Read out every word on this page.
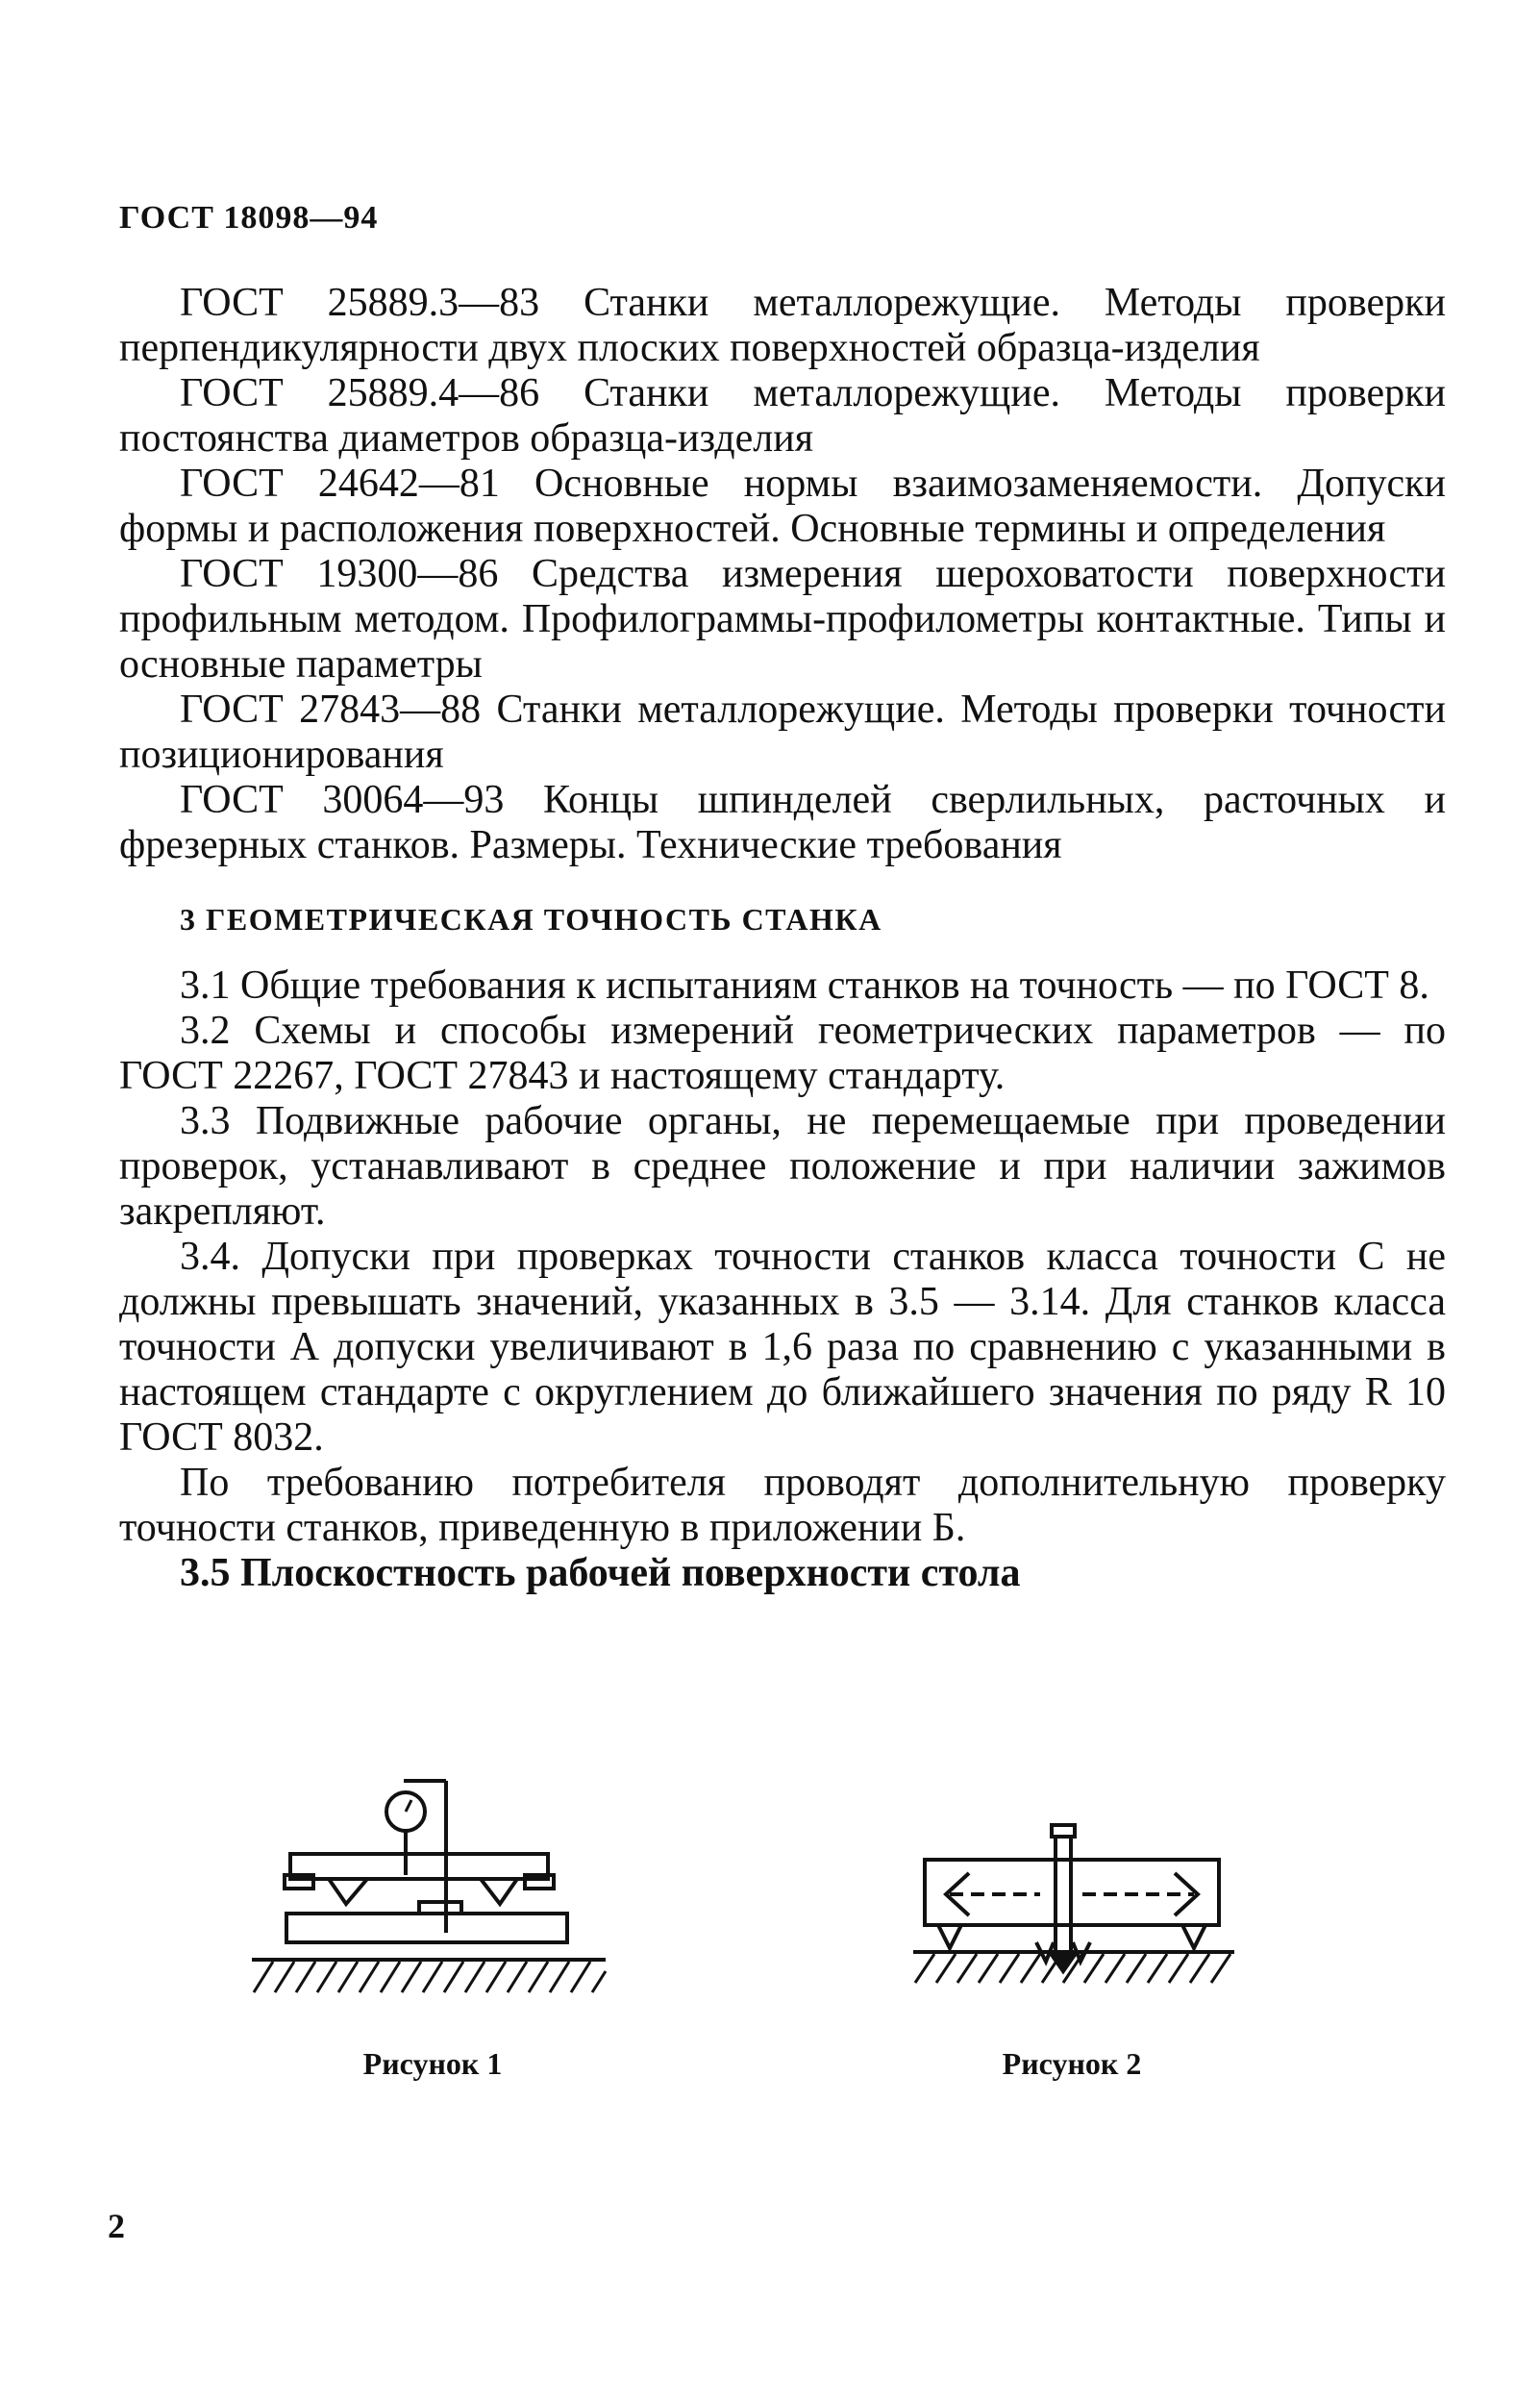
ГОСТ 18098—94

ГОСТ 25889.3—83 Станки металлорежущие. Методы проверки перпендикулярности двух плоских поверхностей образца-изделия

ГОСТ 25889.4—86 Станки металлорежущие. Методы проверки постоянства диаметров образца-изделия

ГОСТ 24642—81 Основные нормы взаимозаменяемости. Допуски формы и расположения поверхностей. Основные термины и определения

ГОСТ 19300—86 Средства измерения шероховатости поверхности профильным методом. Профилограммы-профилометры контактные. Типы и основные параметры

ГОСТ 27843—88 Станки металлорежущие. Методы проверки точности позиционирования

ГОСТ 30064—93 Концы шпинделей сверлильных, расточных и фрезерных станков. Размеры. Технические требования

3 ГЕОМЕТРИЧЕСКАЯ ТОЧНОСТЬ СТАНКА

3.1 Общие требования к испытаниям станков на точность — по ГОСТ 8.

3.2 Схемы и способы измерений геометрических параметров — по ГОСТ 22267, ГОСТ 27843 и настоящему стандарту.

3.3 Подвижные рабочие органы, не перемещаемые при проведении проверок, устанавливают в среднее положение и при наличии зажимов закрепляют.

3.4. Допуски при проверках точности станков класса точности С не должны превышать значений, указанных в 3.5 — 3.14. Для станков класса точности А допуски увеличивают в 1,6 раза по сравнению с указанными в настоящем стандарте с округлением до ближайшего значения по ряду R 10 ГОСТ 8032.

По требованию потребителя проводят дополнительную проверку точности станков, приведенную в приложении Б.

3.5 Плоскостность рабочей поверхности стола

Рисунок 1	Рисунок 2
2
